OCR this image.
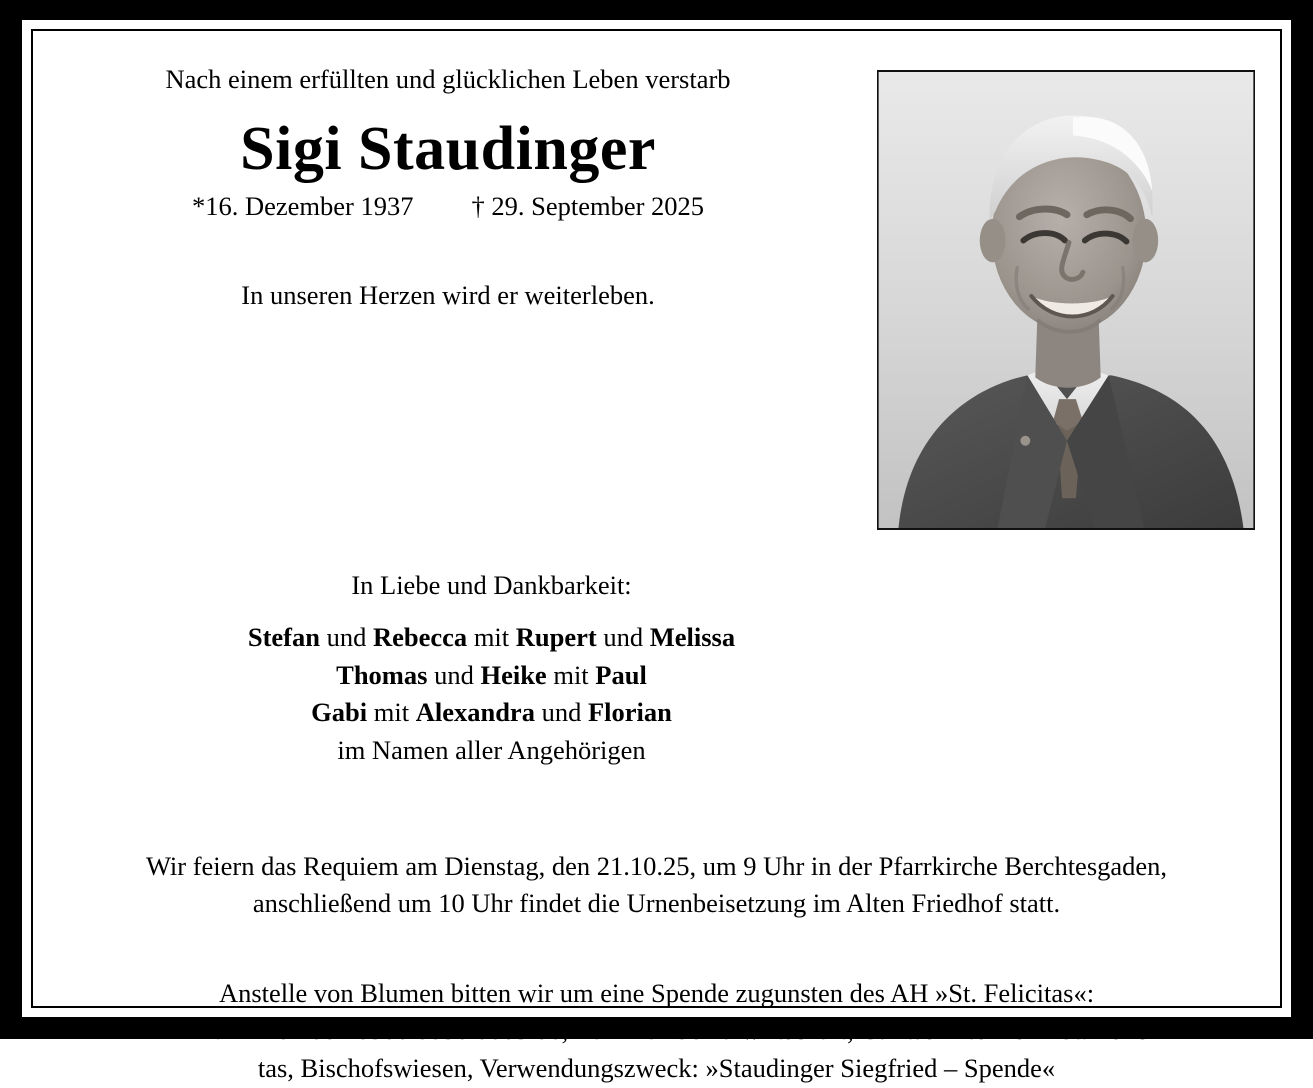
Nach einem erfüllten und glücklichen Leben verstarb

Sigi Staudinger
*16. Dezember 1937 † 29. September 2025

In unseren Herzen wird er weiterleben.

In Liebe und Dankbarkeit:
Stefan und Rebecca mit Rupert und Melissa
Thomas und Heike mit Paul
Gabi mit Alexandra und Florian
im Namen aller Angehörigen
Wir feiern das Requiem am Dienstag, den 21.10.25, um 9 Uhr in der Pfarrkirche Berchtesgaden,
anschließend um 10 Uhr findet die Urnenbeisetzung im Alten Friedhof statt.
Anstelle von Blumen bitten wir um eine Spende zugunsten des AH »St. Felicitas«:
IBAN: DE20 7002 0500 8850 0003 06, Bank für Sozialwirtschaft, Caritas Altenheim St. Felici-
tas, Bischofswiesen, Verwendungszweck: »Staudinger Siegfried – Spende«
